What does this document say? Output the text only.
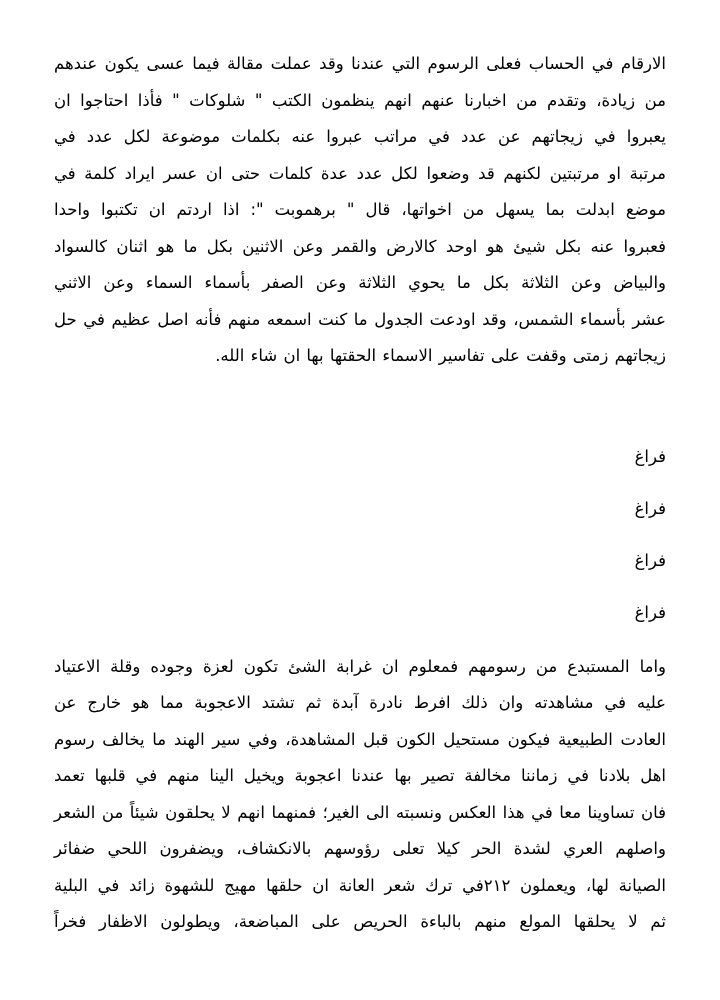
الارقام في الحساب فعلى الرسوم التي عندنا وقد عملت مقالة فيما عسى يكون عندهم
من زيادة، وتقدم من اخبارنا عنهم انهم ينظمون الكتب " شلوكات " فأذا احتاجوا ان
يعبروا في زيجاتهم عن عدد في مراتب عبروا عنه بكلمات موضوعة لكل عدد في
مرتبة او مرتبتين لكنهم قد وضعوا لكل عدد عدة كلمات حتى ان عسر ايراد كلمة في
موضع ابدلت بما يسهل من اخواتها، قال " برهموبت ": اذا اردتم ان تكتبوا واحدا
فعبروا عنه بكل شيئ هو اوحد كالارض والقمر وعن الاثنين بكل ما هو اثنان كالسواد
والبياض وعن الثلاثة بكل ما يحوي الثلاثة وعن الصفر بأسماء السماء وعن الاثني
عشر بأسماء الشمس، وقد اودعت الجدول ما كنت اسمعه منهم فأنه اصل عظيم في حل
زيجاتهم زمتى وقفت على تفاسير الاسماء الحقتها بها ان شاء الله.

فراغ

فراغ

فراغ

فراغ

واما المستبدع من رسومهم فمعلوم ان غرابة الشئ تكون لعزة وجوده وقلة الاعتياد
عليه في مشاهدته وان ذلك افرط نادرة آبدة ثم تشتد الاعجوبة مما هو خارج عن
العادت الطبيعية فيكون مستحيل الكون قبل المشاهدة، وفي سير الهند ما يخالف رسوم
اهل بلادنا في زماننا مخالفة تصير بها عندنا اعجوبة ويخيل الينا منهم في قلبها تعمد
فان تساوينا معا في هذا العكس ونسبته الى الغير؛ فمنهما انهم لا يحلقون شيئاً من الشعر
واصلهم العري لشدة الحر كيلا تعلى رؤوسهم بالانكشاف، ويضفرون اللحي ضفائر
الصيانة لها، ويعملون ٢١٢في ترك شعر العانة ان حلقها مهيج للشهوة زائد في البلية
ثم لا يحلقها المولع منهم بالباءة الحريص على المباضعة، ويطولون الاظفار فخراً
